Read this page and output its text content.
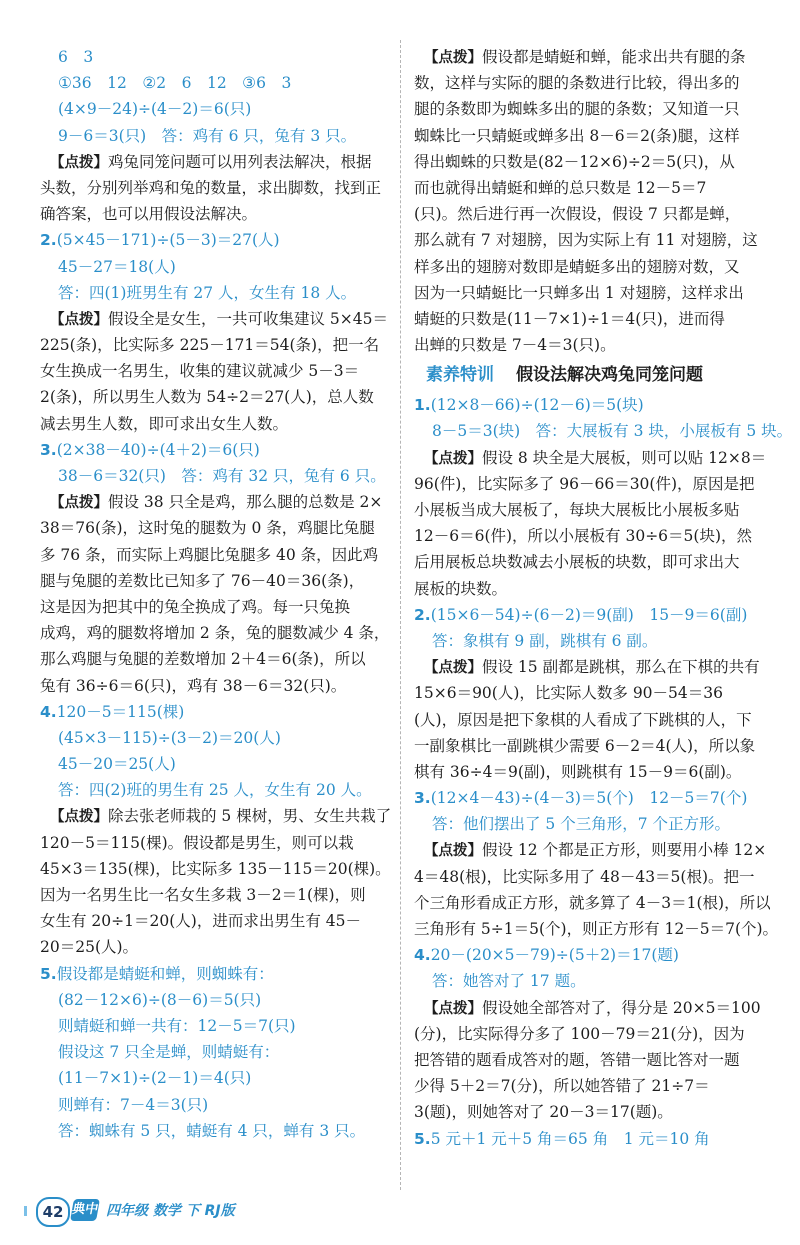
6　3
①36　12　②2　6　12　③6　3
(4×9－24)÷(4－2)＝6(只)
9－6＝3(只)　答：鸡有 6 只，兔有 3 只。
【点拨】鸡兔同笼问题可以用列表法解决，根据
头数，分别列举鸡和兔的数量，求出脚数，找到正
确答案，也可以用假设法解决。
2.(5×45－171)÷(5－3)＝27(人)
45－27＝18(人)
答：四(1)班男生有 27 人，女生有 18 人。
【点拨】假设全是女生，一共可收集建议 5×45＝
225(条)，比实际多 225－171＝54(条)，把一名
女生换成一名男生，收集的建议就减少 5－3＝
2(条)，所以男生人数为 54÷2＝27(人)，总人数
减去男生人数，即可求出女生人数。
3.(2×38－40)÷(4＋2)＝6(只)
38－6＝32(只)　答：鸡有 32 只，兔有 6 只。
【点拨】假设 38 只全是鸡，那么腿的总数是 2×
38＝76(条)，这时兔的腿数为 0 条，鸡腿比兔腿
多 76 条，而实际上鸡腿比兔腿多 40 条，因此鸡
腿与兔腿的差数比已知多了 76－40＝36(条)，
这是因为把其中的兔全换成了鸡。每一只兔换
成鸡，鸡的腿数将增加 2 条，兔的腿数减少 4 条，
那么鸡腿与兔腿的差数增加 2＋4＝6(条)，所以
兔有 36÷6＝6(只)，鸡有 38－6＝32(只)。
4.120－5＝115(棵)
(45×3－115)÷(3－2)＝20(人)
45－20＝25(人)
答：四(2)班的男生有 25 人，女生有 20 人。
【点拨】除去张老师栽的 5 棵树，男、女生共栽了
120－5＝115(棵)。假设都是男生，则可以栽
45×3＝135(棵)，比实际多 135－115＝20(棵)。
因为一名男生比一名女生多栽 3－2＝1(棵)，则
女生有 20÷1＝20(人)，进而求出男生有 45－
20＝25(人)。
5.假设都是蜻蜓和蝉，则蜘蛛有：
(82－12×6)÷(8－6)＝5(只)
则蜻蜓和蝉一共有：12－5＝7(只)
假设这 7 只全是蝉，则蜻蜓有：
(11－7×1)÷(2－1)＝4(只)
则蝉有：7－4＝3(只)
答：蜘蛛有 5 只，蜻蜓有 4 只，蝉有 3 只。
【点拨】假设都是蜻蜓和蝉，能求出共有腿的条
数，这样与实际的腿的条数进行比较，得出多的
腿的条数即为蜘蛛多出的腿的条数；又知道一只
蜘蛛比一只蜻蜓或蝉多出 8－6＝2(条)腿，这样
得出蜘蛛的只数是(82－12×6)÷2＝5(只)，从
而也就得出蜻蜓和蝉的总只数是 12－5＝7
(只)。然后进行再一次假设，假设 7 只都是蝉，
那么就有 7 对翅膀，因为实际上有 11 对翅膀，这
样多出的翅膀对数即是蜻蜓多出的翅膀对数，又
因为一只蜻蜓比一只蝉多出 1 对翅膀，这样求出
蜻蜓的只数是(11－7×1)÷1＝4(只)，进而得
出蝉的只数是 7－4＝3(只)。
素养特训 假设法解决鸡兔同笼问题
1.(12×8－66)÷(12－6)＝5(块)
8－5＝3(块)　答：大展板有 3 块，小展板有 5 块。
【点拨】假设 8 块全是大展板，则可以贴 12×8＝
96(件)，比实际多了 96－66＝30(件)，原因是把
小展板当成大展板了，每块大展板比小展板多贴
12－6＝6(件)，所以小展板有 30÷6＝5(块)，然
后用展板总块数减去小展板的块数，即可求出大
展板的块数。
2.(15×6－54)÷(6－2)＝9(副)　15－9＝6(副)
答：象棋有 9 副，跳棋有 6 副。
【点拨】假设 15 副都是跳棋，那么在下棋的共有
15×6＝90(人)，比实际人数多 90－54＝36
(人)，原因是把下象棋的人看成了下跳棋的人，下
一副象棋比一副跳棋少需要 6－2＝4(人)，所以象
棋有 36÷4＝9(副)，则跳棋有 15－9＝6(副)。
3.(12×4－43)÷(4－3)＝5(个)　12－5＝7(个)
答：他们摆出了 5 个三角形，7 个正方形。
【点拨】假设 12 个都是正方形，则要用小棒 12×
4＝48(根)，比实际多用了 48－43＝5(根)。把一
个三角形看成正方形，就多算了 4－3＝1(根)，所以
三角形有 5÷1＝5(个)，则正方形有 12－5＝7(个)。
4.20－(20×5－79)÷(5＋2)＝17(题)
答：她答对了 17 题。
【点拨】假设她全部答对了，得分是 20×5＝100
(分)，比实际得分多了 100－79＝21(分)，因为
把答错的题看成答对的题，答错一题比答对一题
少得 5＋2＝7(分)，所以她答错了 21÷7＝
3(题)，则她答对了 20－3＝17(题)。
5.5 元＋1 元＋5 角＝65 角　1 元＝10 角
42 典中 四年级 数学 下 RJ版
